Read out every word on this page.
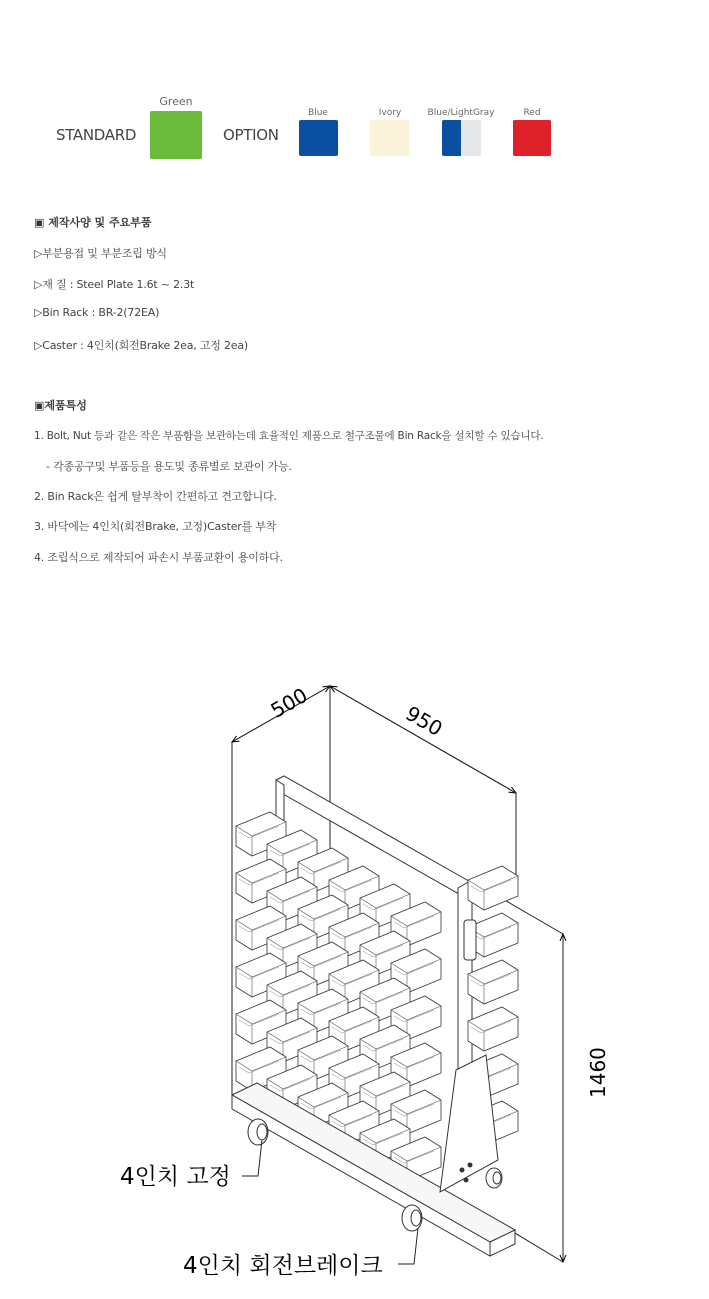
STANDARD
Green
OPTION
Blue	Ivory	Blue/LightGray	Red
▣ 제작사양 및 주요부품
▷부분용접 및 부분조립 방식
▷재 질 : Steel Plate 1.6t ~ 2.3t
▷Bin Rack : BR-2(72EA)
▷Caster : 4인치(회전Brake 2ea, 고정 2ea)
▣제품특성
1. Bolt, Nut 등과 같은 작은 부품함을 보관하는데 효율적인 제품으로 철구조물에 Bin Rack을 설치할 수 있습니다.
- 각종공구및 부품등을 용도및 종류별로 보관이 가능.
2. Bin Rack은 쉽게 탈부착이 간편하고 견고합니다.
3. 바닥에는 4인치(회전Brake, 고정)Caster를 부착
4. 조립식으로 제작되어 파손시 부품교환이 용이하다.
500	950
1460
4인치 고정
4인치 회전브레이크
